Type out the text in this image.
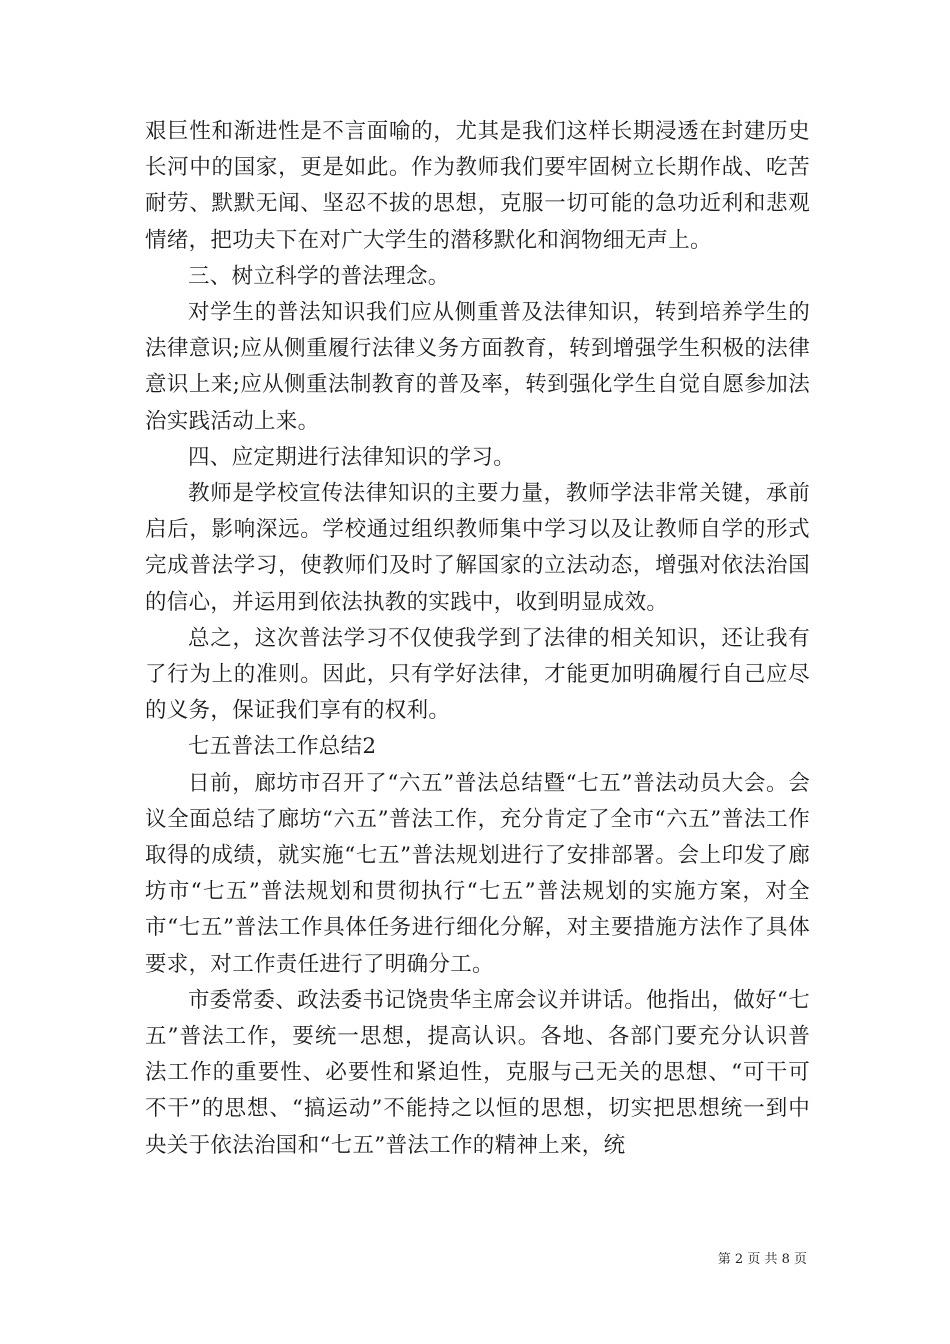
艰巨性和渐进性是不言面喻的，尤其是我们这样长期浸透在封建历史长河中的国家，更是如此。作为教师我们要牢固树立长期作战、吃苦耐劳、默默无闻、坚忍不拔的思想，克服一切可能的急功近利和悲观情绪，把功夫下在对广大学生的潜移默化和润物细无声上。

三、树立科学的普法理念。

对学生的普法知识我们应从侧重普及法律知识，转到培养学生的法律意识;应从侧重履行法律义务方面教育，转到增强学生积极的法律意识上来;应从侧重法制教育的普及率，转到强化学生自觉自愿参加法治实践活动上来。

四、应定期进行法律知识的学习。

教师是学校宣传法律知识的主要力量，教师学法非常关键，承前启后，影响深远。学校通过组织教师集中学习以及让教师自学的形式完成普法学习，使教师们及时了解国家的立法动态，增强对依法治国的信心，并运用到依法执教的实践中，收到明显成效。

总之，这次普法学习不仅使我学到了法律的相关知识，还让我有了行为上的准则。因此，只有学好法律，才能更加明确履行自己应尽的义务，保证我们享有的权利。

七五普法工作总结2

日前，廊坊市召开了“六五”普法总结暨“七五”普法动员大会。会议全面总结了廊坊“六五”普法工作，充分肯定了全市“六五”普法工作取得的成绩，就实施“七五”普法规划进行了安排部署。会上印发了廊坊市“七五”普法规划和贯彻执行“七五”普法规划的实施方案，对全市“七五”普法工作具体任务进行细化分解，对主要措施方法作了具体要求，对工作责任进行了明确分工。

市委常委、政法委书记饶贵华主席会议并讲话。他指出，做好“七五”普法工作，要统一思想，提高认识。各地、各部门要充分认识普法工作的重要性、必要性和紧迫性，克服与己无关的思想、“可干可不干”的思想、“搞运动”不能持之以恒的思想，切实把思想统一到中央关于依法治国和“七五”普法工作的精神上来，统

第 2 页 共 8 页
